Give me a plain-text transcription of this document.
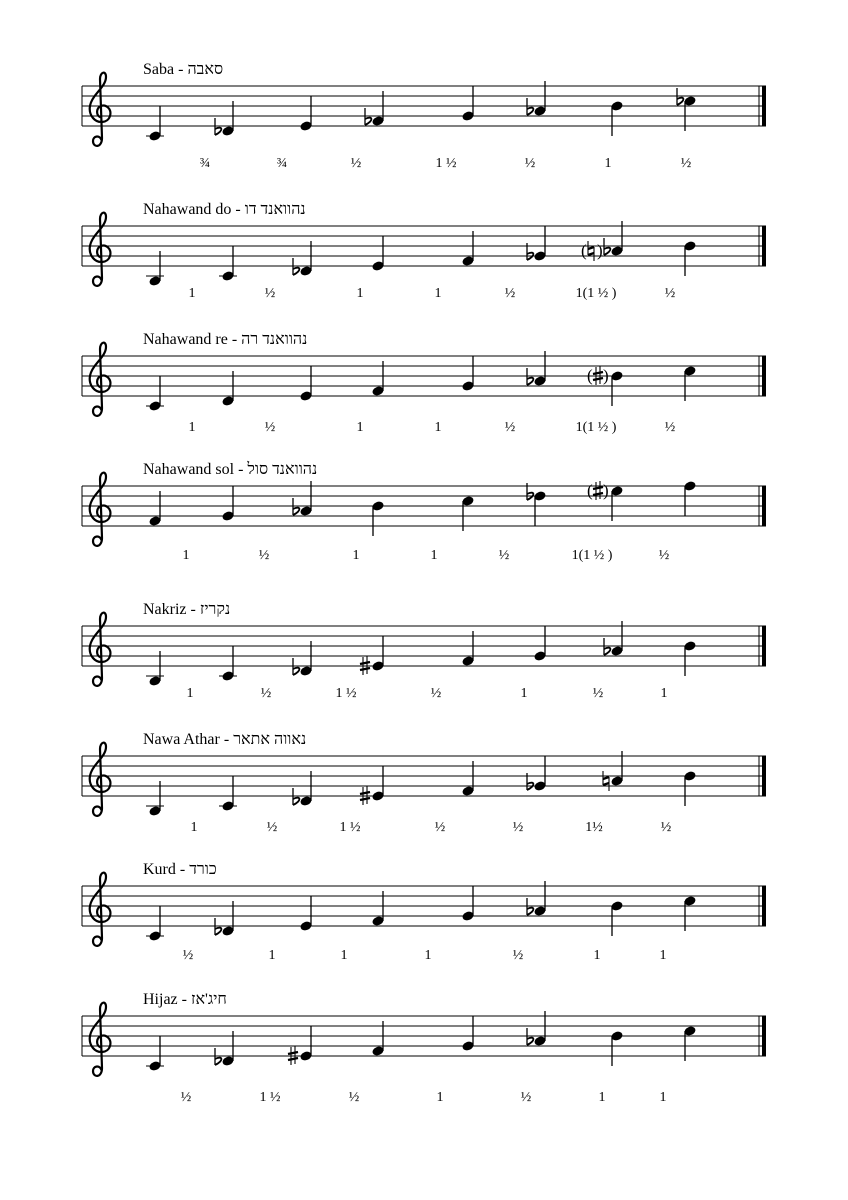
Saba - סאבה
¾	¾	½	1 ½	½	1	½
Nahawand do - נהוואנד דו
( )
1	½	1	1	½	1(1 ½ )	½
Nahawand re - נהוואנד רה
( )
1	½	1	1	½	1(1 ½ )	½
Nahawand sol - נהוואנד סול
( )
1	½	1	1	½	1(1 ½ )	½
Nakriz - נקריז
1	½	1 ½	½	1	½	1
Nawa Athar - נאווה אתאר
1	½	1 ½	½	½	1½	½
Kurd - כורד
½	1	1	1	½	1	1
Hijaz - חיג'אז
½	1 ½	½	1	½	1	1
